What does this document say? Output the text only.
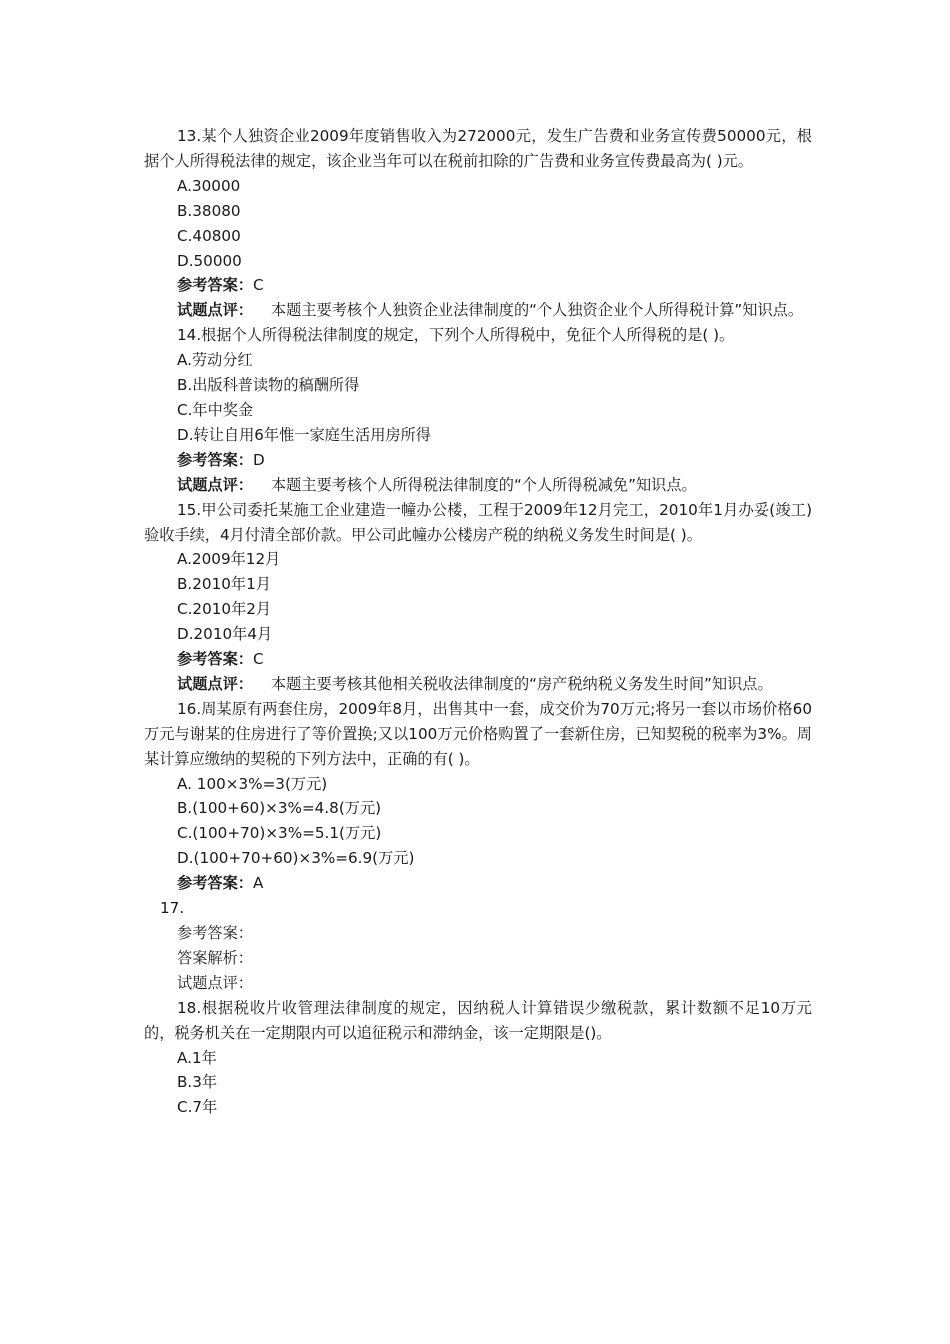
13.某个人独资企业2009年度销售收入为272000元，发生广告费和业务宣传费50000元，根据个人所得税法律的规定，该企业当年可以在税前扣除的广告费和业务宣传费最高为( )元。

A.30000

B.38080

C.40800

D.50000

参考答案：C

试题点评： 本题主要考核个人独资企业法律制度的“个人独资企业个人所得税计算”知识点。

14.根据个人所得税法律制度的规定，下列个人所得税中，免征个人所得税的是( )。

A.劳动分红

B.出版科普读物的稿酬所得

C.年中奖金

D.转让自用6年惟一家庭生活用房所得

参考答案：D

试题点评： 本题主要考核个人所得税法律制度的“个人所得税减免”知识点。

15.甲公司委托某施工企业建造一幢办公楼，工程于2009年12月完工，2010年1月办妥(竣工)验收手续，4月付清全部价款。甲公司此幢办公楼房产税的纳税义务发生时间是( )。

A.2009年12月

B.2010年1月

C.2010年2月

D.2010年4月

参考答案：C

试题点评： 本题主要考核其他相关税收法律制度的“房产税纳税义务发生时间”知识点。

16.周某原有两套住房，2009年8月，出售其中一套，成交价为70万元;将另一套以市场价格60万元与谢某的住房进行了等价置换;又以100万元价格购置了一套新住房，已知契税的税率为3%。周某计算应缴纳的契税的下列方法中，正确的有( )。

A. 100×3%=3(万元)

B.(100+60)×3%=4.8(万元)

C.(100+70)×3%=5.1(万元)

D.(100+70+60)×3%=6.9(万元)

参考答案：A

17.

参考答案：

答案解析：

试题点评：

18.根据税收片收管理法律制度的规定，因纳税人计算错误少缴税款，累计数额不足10万元的，税务机关在一定期限内可以追征税示和滞纳金，该一定期限是()。

A.1年

B.3年

C.7年
